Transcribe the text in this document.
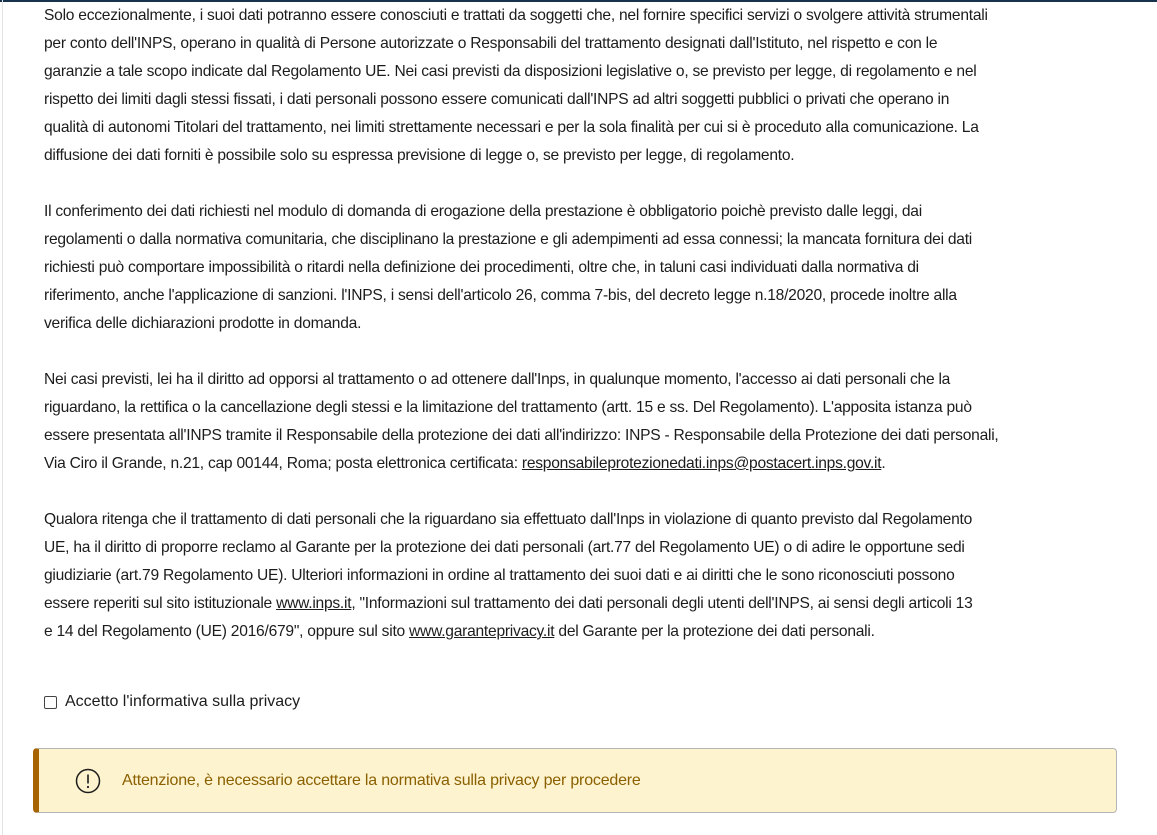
Solo eccezionalmente, i suoi dati potranno essere conosciuti e trattati da soggetti che, nel fornire specifici servizi o svolgere attività strumentali
per conto dell'INPS, operano in qualità di Persone autorizzate o Responsabili del trattamento designati dall'Istituto, nel rispetto e con le
garanzie a tale scopo indicate dal Regolamento UE. Nei casi previsti da disposizioni legislative o, se previsto per legge, di regolamento e nel
rispetto dei limiti dagli stessi fissati, i dati personali possono essere comunicati dall'INPS ad altri soggetti pubblici o privati che operano in
qualità di autonomi Titolari del trattamento, nei limiti strettamente necessari e per la sola finalità per cui si è proceduto alla comunicazione. La
diffusione dei dati forniti è possibile solo su espressa previsione di legge o, se previsto per legge, di regolamento.

Il conferimento dei dati richiesti nel modulo di domanda di erogazione della prestazione è obbligatorio poichè previsto dalle leggi, dai
regolamenti o dalla normativa comunitaria, che disciplinano la prestazione e gli adempimenti ad essa connessi; la mancata fornitura dei dati
richiesti può comportare impossibilità o ritardi nella definizione dei procedimenti, oltre che, in taluni casi individuati dalla normativa di
riferimento, anche l'applicazione di sanzioni. l'INPS, i sensi dell'articolo 26, comma 7-bis, del decreto legge n.18/2020, procede inoltre alla
verifica delle dichiarazioni prodotte in domanda.

Nei casi previsti, lei ha il diritto ad opporsi al trattamento o ad ottenere dall'Inps, in qualunque momento, l'accesso ai dati personali che la
riguardano, la rettifica o la cancellazione degli stessi e la limitazione del trattamento (artt. 15 e ss. Del Regolamento). L'apposita istanza può
essere presentata all'INPS tramite il Responsabile della protezione dei dati all'indirizzo: INPS - Responsabile della Protezione dei dati personali,
Via Ciro il Grande, n.21, cap 00144, Roma; posta elettronica certificata: responsabileprotezionedati.inps@postacert.inps.gov.it.

Qualora ritenga che il trattamento di dati personali che la riguardano sia effettuato dall'Inps in violazione di quanto previsto dal Regolamento
UE, ha il diritto di proporre reclamo al Garante per la protezione dei dati personali (art.77 del Regolamento UE) o di adire le opportune sedi
giudiziarie (art.79 Regolamento UE). Ulteriori informazioni in ordine al trattamento dei suoi dati e ai diritti che le sono riconosciuti possono
essere reperiti sul sito istituzionale www.inps.it, "Informazioni sul trattamento dei dati personali degli utenti dell'INPS, ai sensi degli articoli 13
e 14 del Regolamento (UE) 2016/679", oppure sul sito www.garanteprivacy.it del Garante per la protezione dei dati personali.

Accetto l'informativa sulla privacy
Attenzione, è necessario accettare la normativa sulla privacy per procedere
